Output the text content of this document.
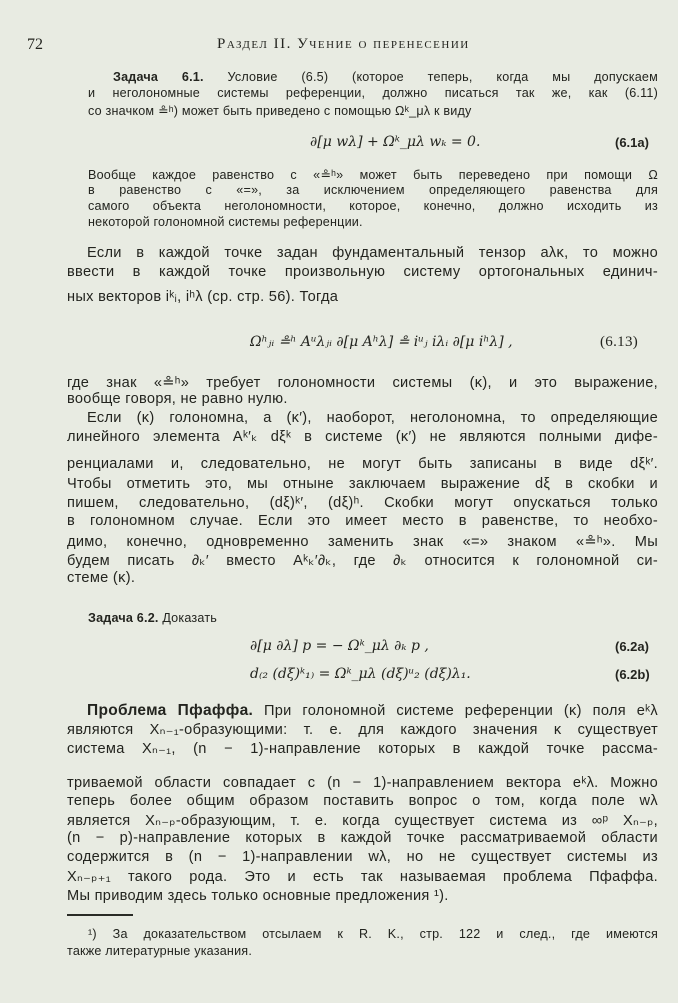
72	Раздел II. Учение о перенесении
Задача 6.1. Условие (6.5) (которое теперь, когда мы допускаем
и неголономные системы референции, должно писаться так же, как (6.11)
со значком ≗ʰ) может быть приведено с помощью Ωᵏ_μλ к виду
∂[μ wλ] + Ωᵏ_μλ wₖ = 0.	(6.1a)
Вообще каждое равенство с «≗ʰ» может быть переведено при помощи Ω
в равенство с «=», за исключением определяющего равенства для
самого объекта неголономности, которое, конечно, должно исходить из
некоторой голономной системы референции.
Если в каждой точке задан фундаментальный тензор aλκ, то можно
ввести в каждой точке произвольную систему ортогональных единич-
ных векторов iᵏᵢ, iʰλ (ср. стр. 56). Тогда
Ωʰⱼᵢ ≗ʰ Aᵘλⱼᵢ ∂[μ Aʰλ] ≗ iᵘⱼ iλᵢ ∂[μ iʰλ] ,	(6.13)
где знак «≗ʰ» требует голономности системы (κ), и это выражение,
вообще говоря, не равно нулю.
Если (κ) голономна, а (κ′), наоборот, неголономна, то определяющие
линейного элемента Aᵏ′ₖ dξᵏ в системе (κ′) не являются полными дифе-
ренциалами и, следовательно, не могут быть записаны в виде dξᵏ′.
Чтобы отметить это, мы отныне заключаем выражение dξ в скобки и
пишем, следовательно, (dξ)ᵏ′, (dξ)ʰ. Скобки могут опускаться только
в голономном случае. Если это имеет место в равенстве, то необхо-
димо, конечно, одновременно заменить знак «=» знаком «≗ʰ». Мы
будем писать ∂ₖ′ вместо Aᵏₖ′∂ₖ, где ∂ₖ относится к голономной си-
стеме (κ).
Задача 6.2. Доказать
∂[μ ∂λ] p = − Ωᵏ_μλ ∂ₖ p ,	(6.2a)
d₍₂ (dξ)ᵏ₁₎ = Ωᵏ_μλ (dξ)ᵘ₂ (dξ)λ₁.	(6.2b)
Проблема Пфаффа. При голономной системе референции (κ) поля eᵏλ
являются Xₙ₋₁-образующими: т. е. для каждого значения κ существует
система Xₙ₋₁, (n − 1)-направление которых в каждой точке рассма-
триваемой области совпадает с (n − 1)-направлением вектора eᵏλ. Можно
теперь более общим образом поставить вопрос о том, когда поле wλ
является Xₙ₋ₚ-образующим, т. е. когда существует система из ∞ᵖ Xₙ₋ₚ,
(n − p)-направление которых в каждой точке рассматриваемой области
содержится в (n − 1)-направлении wλ, но не существует системы из
Xₙ₋ₚ₊₁ такого рода. Это и есть так называемая проблема Пфаффа.
Мы приводим здесь только основные предложения ¹).
¹) За доказательством отсылаем к R. K., стр. 122 и след., где имеются
также литературные указания.
